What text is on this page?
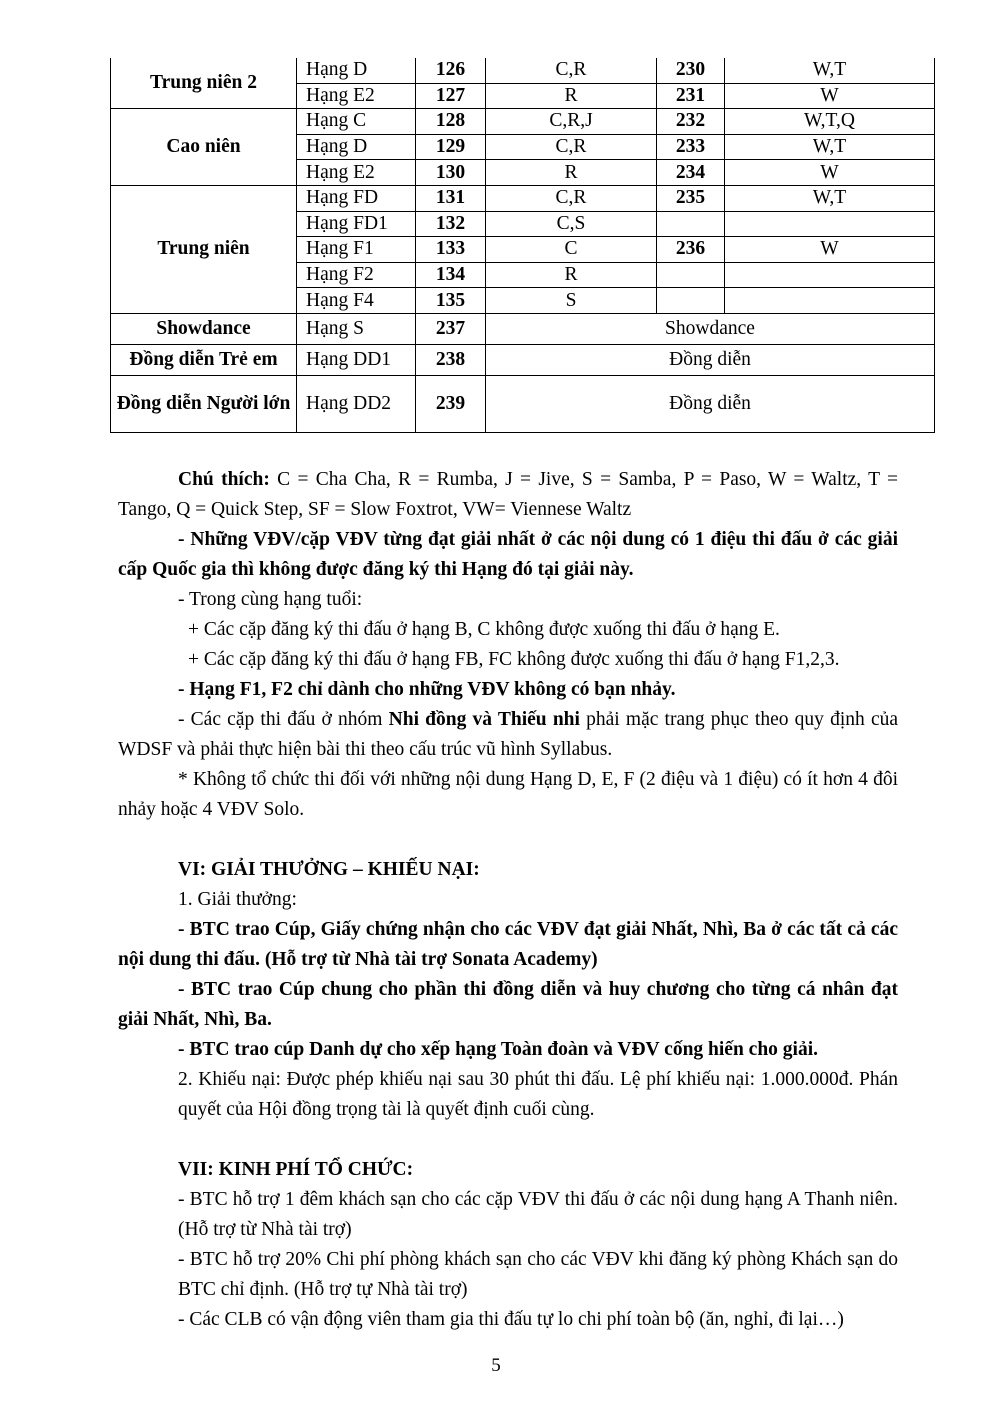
Trung niên 2	Hạng D	126	C,R	230	W,T
	Hạng E2	127	R	231	W
Cao niên	Hạng C	128	C,R,J	232	W,T,Q
	Hạng D	129	C,R	233	W,T
	Hạng E2	130	R	234	W
Trung niên	Hạng FD	131	C,R	235	W,T
	Hạng FD1	132	C,S		
	Hạng F1	133	C	236	W
	Hạng F2	134	R		
	Hạng F4	135	S		
Showdance	Hạng S	237	Showdance		
Đồng diễn Trẻ em	Hạng DD1	238	Đồng diễn		
Đồng diễn Người lớn	Hạng DD2	239	Đồng diễn		

Chú thích: C = Cha Cha, R = Rumba, J = Jive, S = Samba, P = Paso, W = Waltz, T = Tango, Q = Quick Step, SF = Slow Foxtrot, VW= Viennese Waltz

- Những VĐV/cặp VĐV từng đạt giải nhất ở các nội dung có 1 điệu thi đấu ở các giải cấp Quốc gia thì không được đăng ký thi Hạng đó tại giải này.

- Trong cùng hạng tuổi:

+ Các cặp đăng ký thi đấu ở hạng B, C không được xuống thi đấu ở hạng E.

+ Các cặp đăng ký thi đấu ở hạng FB, FC không được xuống thi đấu ở hạng F1,2,3.

- Hạng F1, F2 chỉ dành cho những VĐV không có bạn nhảy.

- Các cặp thi đấu ở nhóm Nhi đồng và Thiếu nhi phải mặc trang phục theo quy định của WDSF và phải thực hiện bài thi theo cấu trúc vũ hình Syllabus.

* Không tổ chức thi đối với những nội dung Hạng D, E, F (2 điệu và 1 điệu) có ít hơn 4 đôi nhảy hoặc 4 VĐV Solo.

VI: GIẢI THƯỞNG – KHIẾU NẠI:

1. Giải thưởng:

- BTC trao Cúp, Giấy chứng nhận cho các VĐV đạt giải Nhất, Nhì, Ba ở các tất cả các nội dung thi đấu. (Hỗ trợ từ Nhà tài trợ Sonata Academy)

- BTC trao Cúp chung cho phần thi đồng diễn và huy chương cho từng cá nhân đạt giải Nhất, Nhì, Ba.

- BTC trao cúp Danh dự cho xếp hạng Toàn đoàn và VĐV cống hiến cho giải.

2. Khiếu nại: Được phép khiếu nại sau 30 phút thi đấu. Lệ phí khiếu nại: 1.000.000đ. Phán quyết của Hội đồng trọng tài là quyết định cuối cùng.

VII: KINH PHÍ TỔ CHỨC:

- BTC hỗ trợ 1 đêm khách sạn cho các cặp VĐV thi đấu ở các nội dung hạng A Thanh niên. (Hỗ trợ từ Nhà tài trợ)

- BTC hỗ trợ 20% Chi phí phòng khách sạn cho các VĐV khi đăng ký phòng Khách sạn do BTC chỉ định. (Hỗ trợ tự Nhà tài trợ)

- Các CLB có vận động viên tham gia thi đấu tự lo chi phí toàn bộ (ăn, nghỉ, đi lại…)

5
